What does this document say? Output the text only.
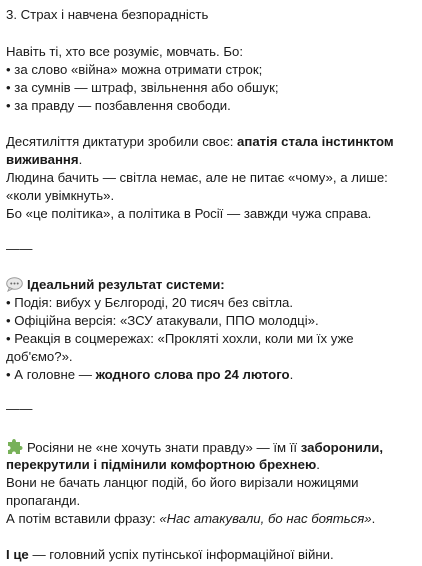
3. Страх і навчена безпорадність
Навіть ті, хто все розуміє, мовчать. Бо:
• за слово «війна» можна отримати строк;
• за сумнів — штраф, звільнення або обшук;
• за правду — позбавлення свободи.
Десятиліття диктатури зробили своє: апатія стала інстинктом
виживання.
Людина бачить — світла немає, але не питає «чому», а лише:
«коли увімкнуть».
Бо «це політика», а політика в Росії — завжди чужа справа.
——
Ідеальний результат системи:
• Подія: вибух у Бєлгороді, 20 тисяч без світла.
• Офіційна версія: «ЗСУ атакували, ППО молодці».
• Реакція в соцмережах: «Прокляті хохли, коли ми їх уже
доб'ємо?».
• А головне — жодного слова про 24 лютого.
——
Росіяни не «не хочуть знати правду» — їм її заборонили,
перекрутили і підмінили комфортною брехнею.
Вони не бачать ланцюг подій, бо його вирізали ножицями
пропаганди.
А потім вставили фразу: «Нас атакували, бо нас бояться».
І це — головний успіх путінської інформаційної війни.
